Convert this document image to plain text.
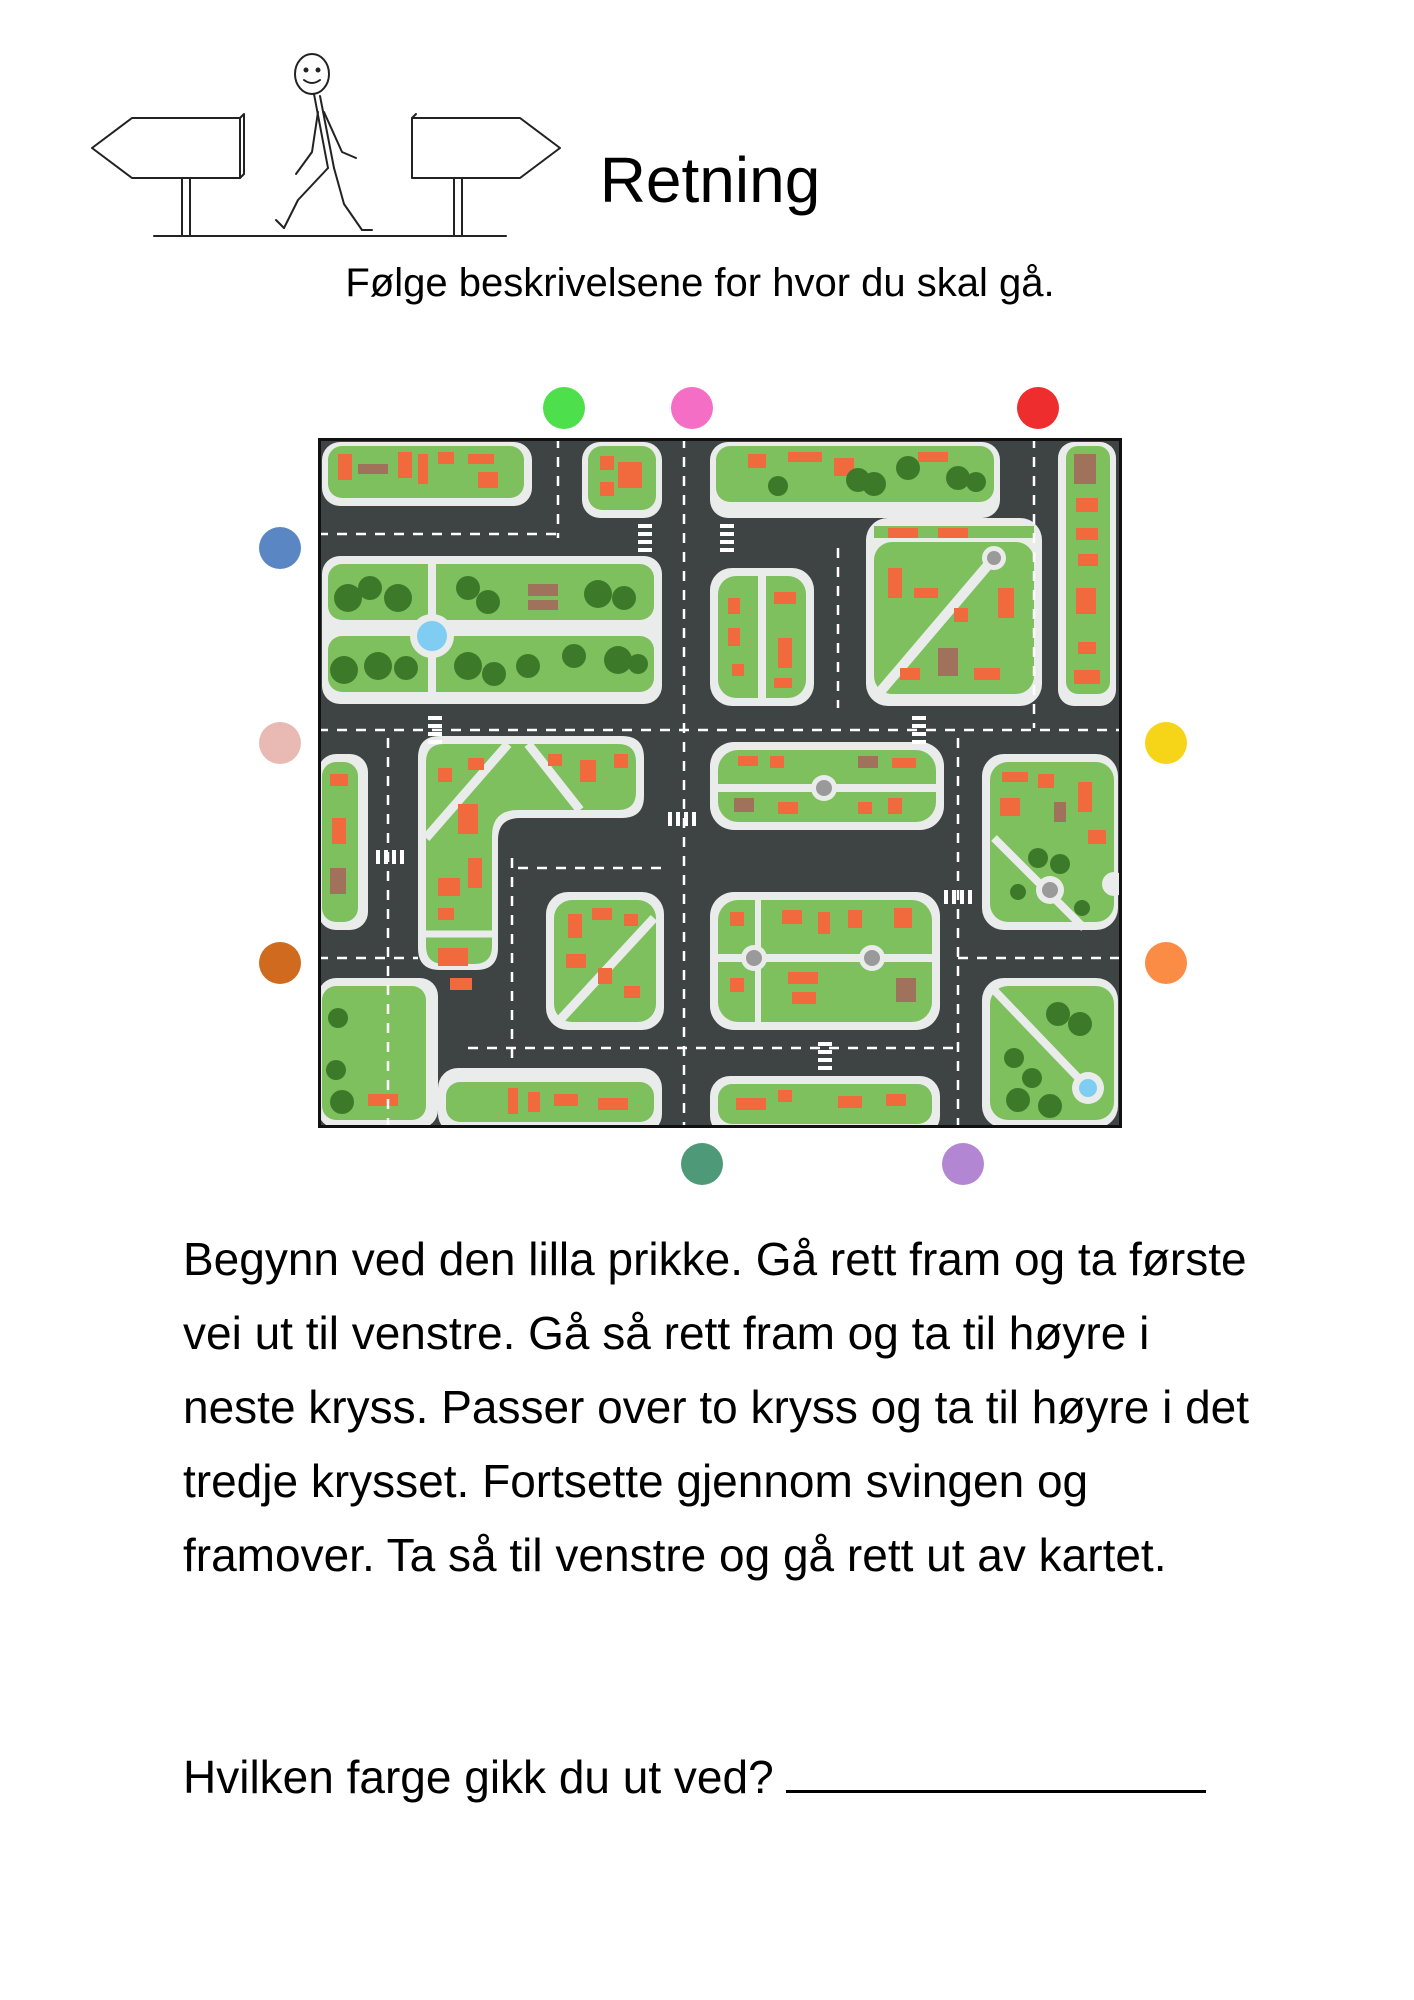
Retning
Følge beskrivelsene for hvor du skal gå.
Begynn ved den lilla prikke. Gå rett fram og ta første vei ut til venstre. Gå så rett fram og ta til høyre i neste kryss. Passer over to kryss og ta til høyre i det tredje krysset. Fortsette gjennom svingen og framover. Ta så til venstre og gå rett ut av kartet.
Hvilken farge gikk du ut ved?
